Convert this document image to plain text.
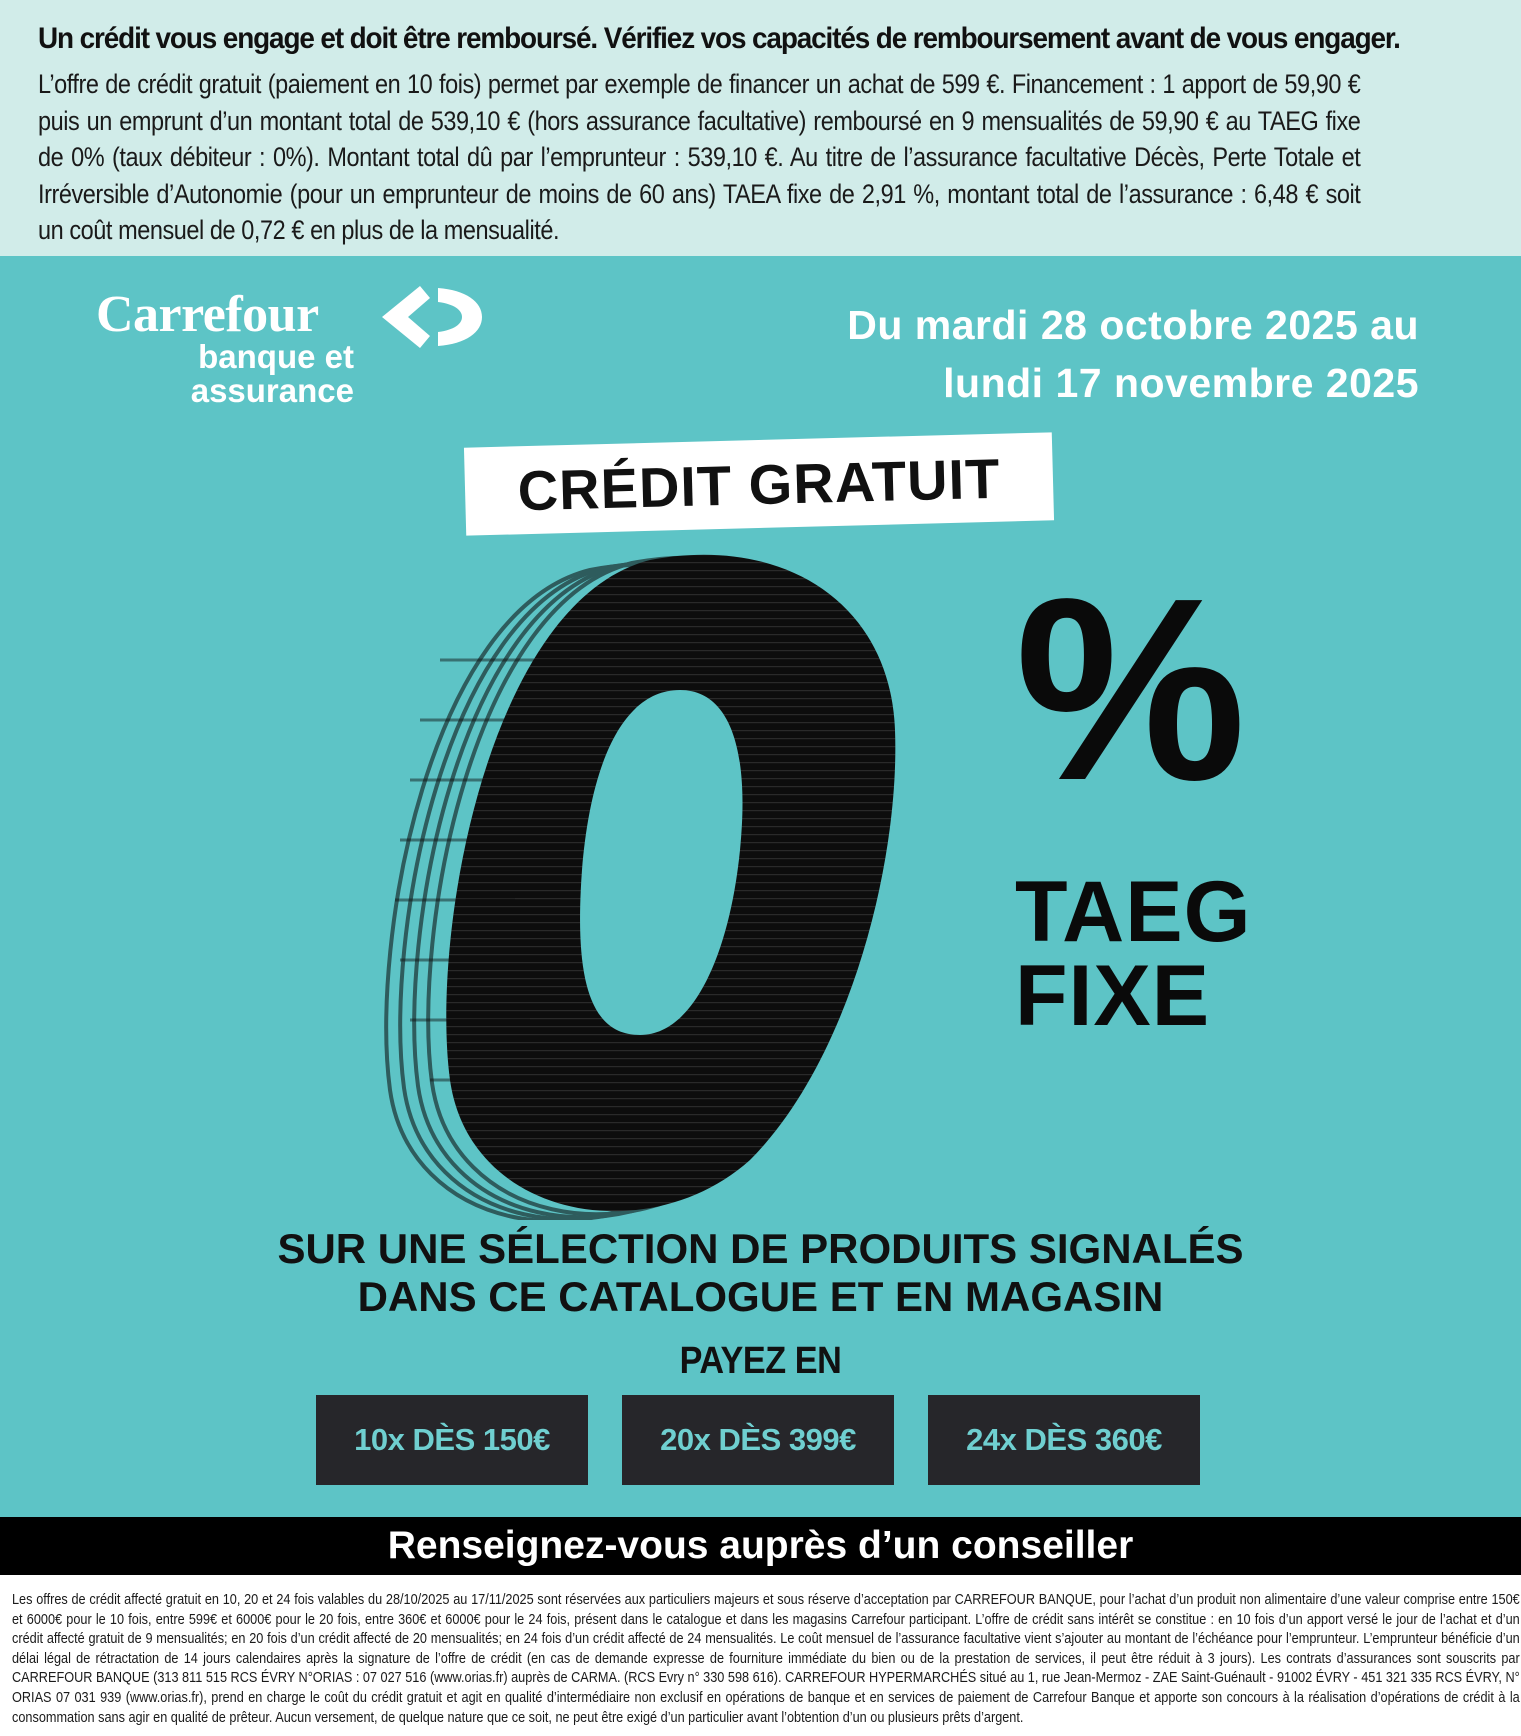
Un crédit vous engage et doit être remboursé. Vérifiez vos capacités de remboursement avant de vous engager.
L’offre de crédit gratuit (paiement en 10 fois) permet par exemple de financer un achat de 599 €. Financement : 1 apport de 59,90 € puis un emprunt d’un montant total de 539,10 € (hors assurance facultative) remboursé en 9 mensualités de 59,90 € au TAEG fixe de 0% (taux débiteur : 0%). Montant total dû par l’emprunteur : 539,10 €. Au titre de l’assurance facultative Décès, Perte Totale et Irréversible d’Autonomie (pour un emprunteur de moins de 60 ans) TAEA fixe de 2,91 %, montant total de l’assurance : 6,48 € soit un coût mensuel de 0,72 € en plus de la mensualité.
Carrefour
banque et
assurance
Du mardi 28 octobre 2025 au
lundi 17 novembre 2025
CRÉDIT GRATUIT
%
TAEG
FIXE
SUR UNE SÉLECTION DE PRODUITS SIGNALÉS
DANS CE CATALOGUE ET EN MAGASIN
PAYEZ EN
10x DÈS 150€	20x DÈS 399€	24x DÈS 360€
Renseignez-vous auprès d’un conseiller
Les offres de crédit affecté gratuit en 10, 20 et 24 fois valables du 28/10/2025 au 17/11/2025 sont réservées aux particuliers majeurs et sous réserve d’acceptation par CARREFOUR BANQUE, pour l’achat d’un produit non alimentaire d’une valeur comprise entre 150€ et 6000€ pour le 10 fois, entre 599€ et 6000€ pour le 20 fois, entre 360€ et 6000€ pour le 24 fois, présent dans le catalogue et dans les magasins Carrefour participant. L’offre de crédit sans intérêt se constitue : en 10 fois d’un apport versé le jour de l’achat et d’un crédit affecté gratuit de 9 mensualités; en 20 fois d’un crédit affecté de 20 mensualités; en 24 fois d’un crédit affecté de 24 mensualités. Le coût mensuel de l’assurance facultative vient s’ajouter au montant de l’échéance pour l’emprunteur. L’emprunteur bénéficie d’un délai légal de rétractation de 14 jours calendaires après la signature de l’offre de crédit (en cas de demande expresse de fourniture immédiate du bien ou de la prestation de services, il peut être réduit à 3 jours). Les contrats d’assurances sont souscrits par CARREFOUR BANQUE (313 811 515 RCS ÉVRY N°ORIAS : 07 027 516 (www.orias.fr) auprès de CARMA. (RCS Evry n° 330 598 616). CARREFOUR HYPERMARCHÉS situé au 1, rue Jean-Mermoz - ZAE Saint-Guénault - 91002 ÉVRY - 451 321 335 RCS ÉVRY, N° ORIAS 07 031 939 (www.orias.fr), prend en charge le coût du crédit gratuit et agit en qualité d’intermédiaire non exclusif en opérations de banque et en services de paiement de Carrefour Banque et apporte son concours à la réalisation d’opérations de crédit à la consommation sans agir en qualité de prêteur. Aucun versement, de quelque nature que ce soit, ne peut être exigé d’un particulier avant l’obtention d’un ou plusieurs prêts d’argent.
